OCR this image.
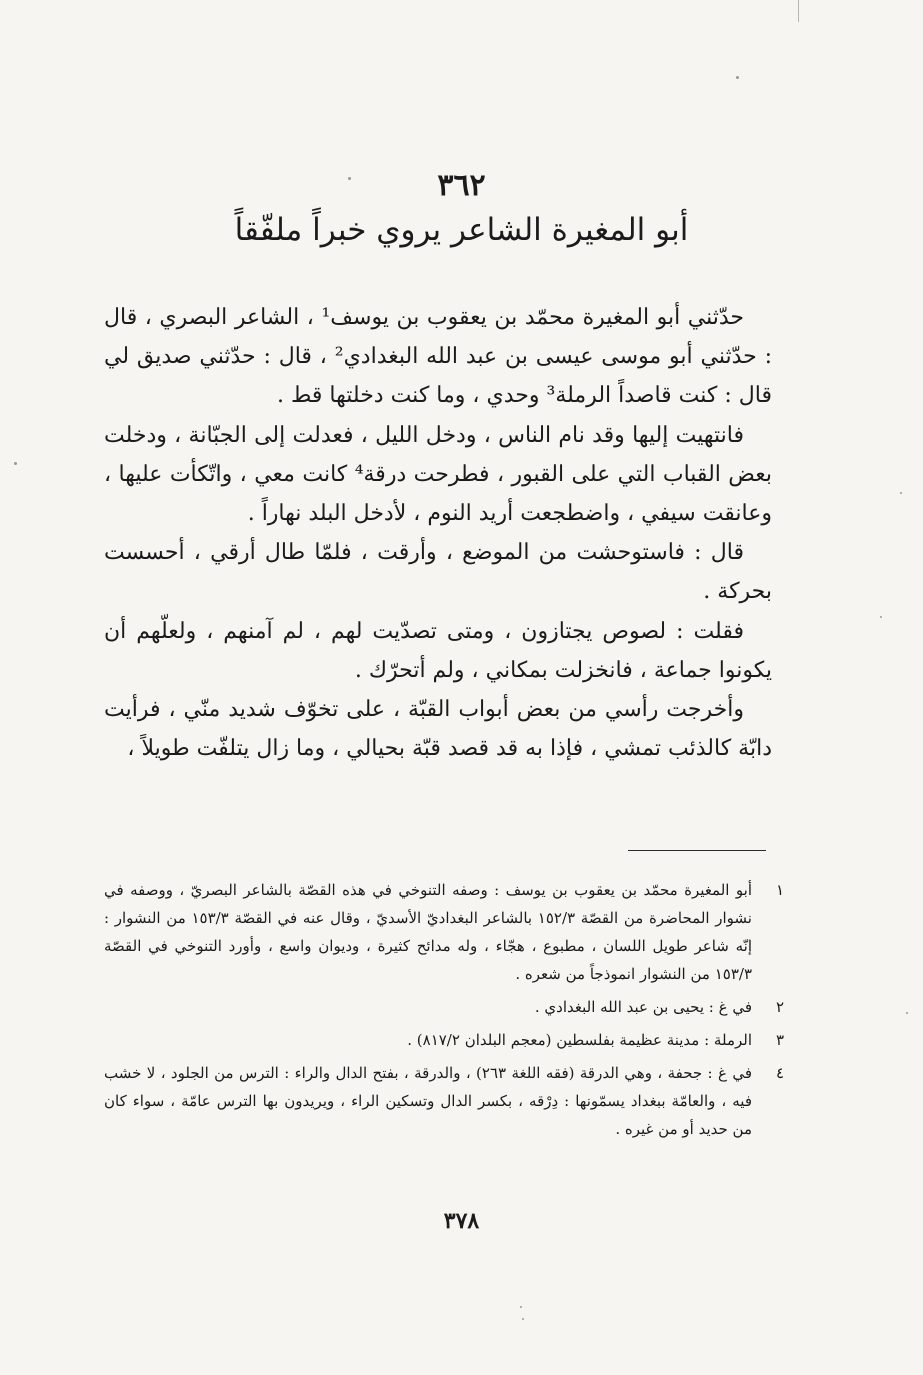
٣٦٢
أبو المغيرة الشاعر يروي خبراً ملفّقاً

حدّثني أبو المغيرة محمّد بن يعقوب بن يوسف¹ ، الشاعر البصري ، قال : حدّثني أبو موسى عيسى بن عبد الله البغدادي² ، قال : حدّثني صديق لي قال : كنت قاصداً الرملة³ وحدي ، وما كنت دخلتها قط .

فانتهيت إليها وقد نام الناس ، ودخل الليل ، فعدلت إلى الجبّانة ، ودخلت بعض القباب التي على القبور ، فطرحت درقة⁴ كانت معي ، واتّكأت عليها ، وعانقت سيفي ، واضطجعت أريد النوم ، لأدخل البلد نهاراً .

قال : فاستوحشت من الموضع ، وأرقت ، فلمّا طال أرقي ، أحسست بحركة .

فقلت : لصوص يجتازون ، ومتى تصدّيت لهم ، لم آمنهم ، ولعلّهم أن يكونوا جماعة ، فانخزلت بمكاني ، ولم أتحرّك .

وأخرجت رأسي من بعض أبواب القبّة ، على تخوّف شديد منّي ، فرأيت دابّة كالذئب تمشي ، فإذا به قد قصد قبّة بحيالي ، وما زال يتلفّت طويلاً ،

١
أبو المغيرة محمّد بن يعقوب بن يوسف : وصفه التنوخي في هذه القصّة بالشاعر البصريّ ، ووصفه في نشوار المحاضرة من القصّة ١٥٢/٣ بالشاعر البغداديّ الأسديّ ، وقال عنه في القصّة ١٥٣/٣ من النشوار : إنّه شاعر طويل اللسان ، مطبوع ، هجّاء ، وله مدائح كثيرة ، وديوان واسع ، وأورد التنوخي في القصّة ١٥٣/٣ من النشوار انموذجاً من شعره .
٢
في غ : يحيى بن عبد الله البغدادي .
٣
الرملة : مدينة عظيمة بفلسطين (معجم البلدان ٨١٧/٢) .
٤
في غ : جحفة ، وهي الدرقة (فقه اللغة ٢٦٣) ، والدرقة ، بفتح الدال والراء : الترس من الجلود ، لا خشب فيه ، والعامّة ببغداد يسمّونها : دِرْقه ، بكسر الدال وتسكين الراء ، ويريدون بها الترس عامّة ، سواء كان من حديد أو من غيره .
٣٧٨
